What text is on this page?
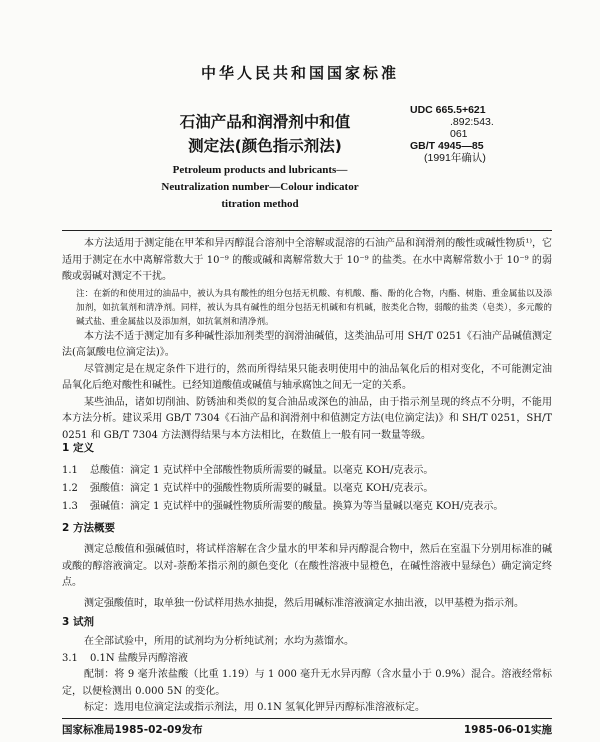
中华人民共和国国家标准
石油产品和润滑剂中和值
测定法(颜色指示剂法)
UDC 665.5+621
.892:543.
061
GB/T 4945—85
(1991年确认)
Petroleum products and lubricants—
Neutralization number—Colour indicator
titration method
本方法适用于测定能在甲苯和异丙醇混合溶剂中全溶解或混溶的石油产品和润滑剂的酸性或碱性物质¹⁾，它适用于测定在水中离解常数大于 10⁻⁹ 的酸或碱和离解常数大于 10⁻⁹ 的盐类。在水中离解常数小于 10⁻⁹ 的弱酸或弱碱对测定不干扰。
注：在新的和使用过的油品中，被认为具有酸性的组分包括无机酸、有机酸、酯、酚的化合物，内酯、树脂、重金属盐以及添加剂，如抗氧剂和清净剂。同样，被认为具有碱性的组分包括无机碱和有机碱，胺类化合物，弱酸的盐类（皂类），多元酸的碱式盐、重金属盐以及添加剂，如抗氧剂和清净剂。
本方法不适于测定加有多种碱性添加剂类型的润滑油碱值，这类油品可用 SH/T 0251《石油产品碱值测定法(高氯酸电位滴定法)》。
尽管测定是在规定条件下进行的，然而所得结果只能表明使用中的油品氧化后的相对变化，不可能测定油品氧化后绝对酸性和碱性。已经知道酸值或碱值与轴承腐蚀之间无一定的关系。
某些油品，诸如切削油、防锈油和类似的复合油品或深色的油品，由于指示剂呈现的终点不分明，不能用本方法分析。建议采用 GB/T 7304《石油产品和润滑剂中和值测定方法(电位滴定法)》和 SH/T 0251，SH/T 0251 和 GB/T 7304 方法测得结果与本方法相比，在数值上一般有同一数量等级。
1 定义
1.1 总酸值：滴定 1 克试样中全部酸性物质所需要的碱量。以毫克 KOH/克表示。
1.2 强酸值：滴定 1 克试样中的强酸性物质所需要的碱量。以毫克 KOH/克表示。
1.3 强碱值：滴定 1 克试样中的强碱性物质所需要的酸量。换算为等当量碱以毫克 KOH/克表示。
2 方法概要
测定总酸值和强碱值时，将试样溶解在含少量水的甲苯和异丙醇混合物中，然后在室温下分别用标准的碱或酸的醇溶液滴定。以对-萘酚苯指示剂的颜色变化（在酸性溶液中显橙色，在碱性溶液中显绿色）确定滴定终点。
测定强酸值时，取单独一份试样用热水抽提，然后用碱标准溶液滴定水抽出液，以甲基橙为指示剂。
3 试剂
在全部试验中，所用的试剂均为分析纯试剂；水均为蒸馏水。
3.1 0.1N 盐酸异丙醇溶液
配制：将 9 毫升浓盐酸（比重 1.19）与 1 000 毫升无水异丙醇（含水量小于 0.9%）混合。溶液经常标定，以便检测出 0.000 5N 的变化。
标定：选用电位滴定法或指示剂法，用 0.1N 氢氧化钾异丙醇标准溶液标定。
国家标准局1985-02-09发布	1985-06-01实施
